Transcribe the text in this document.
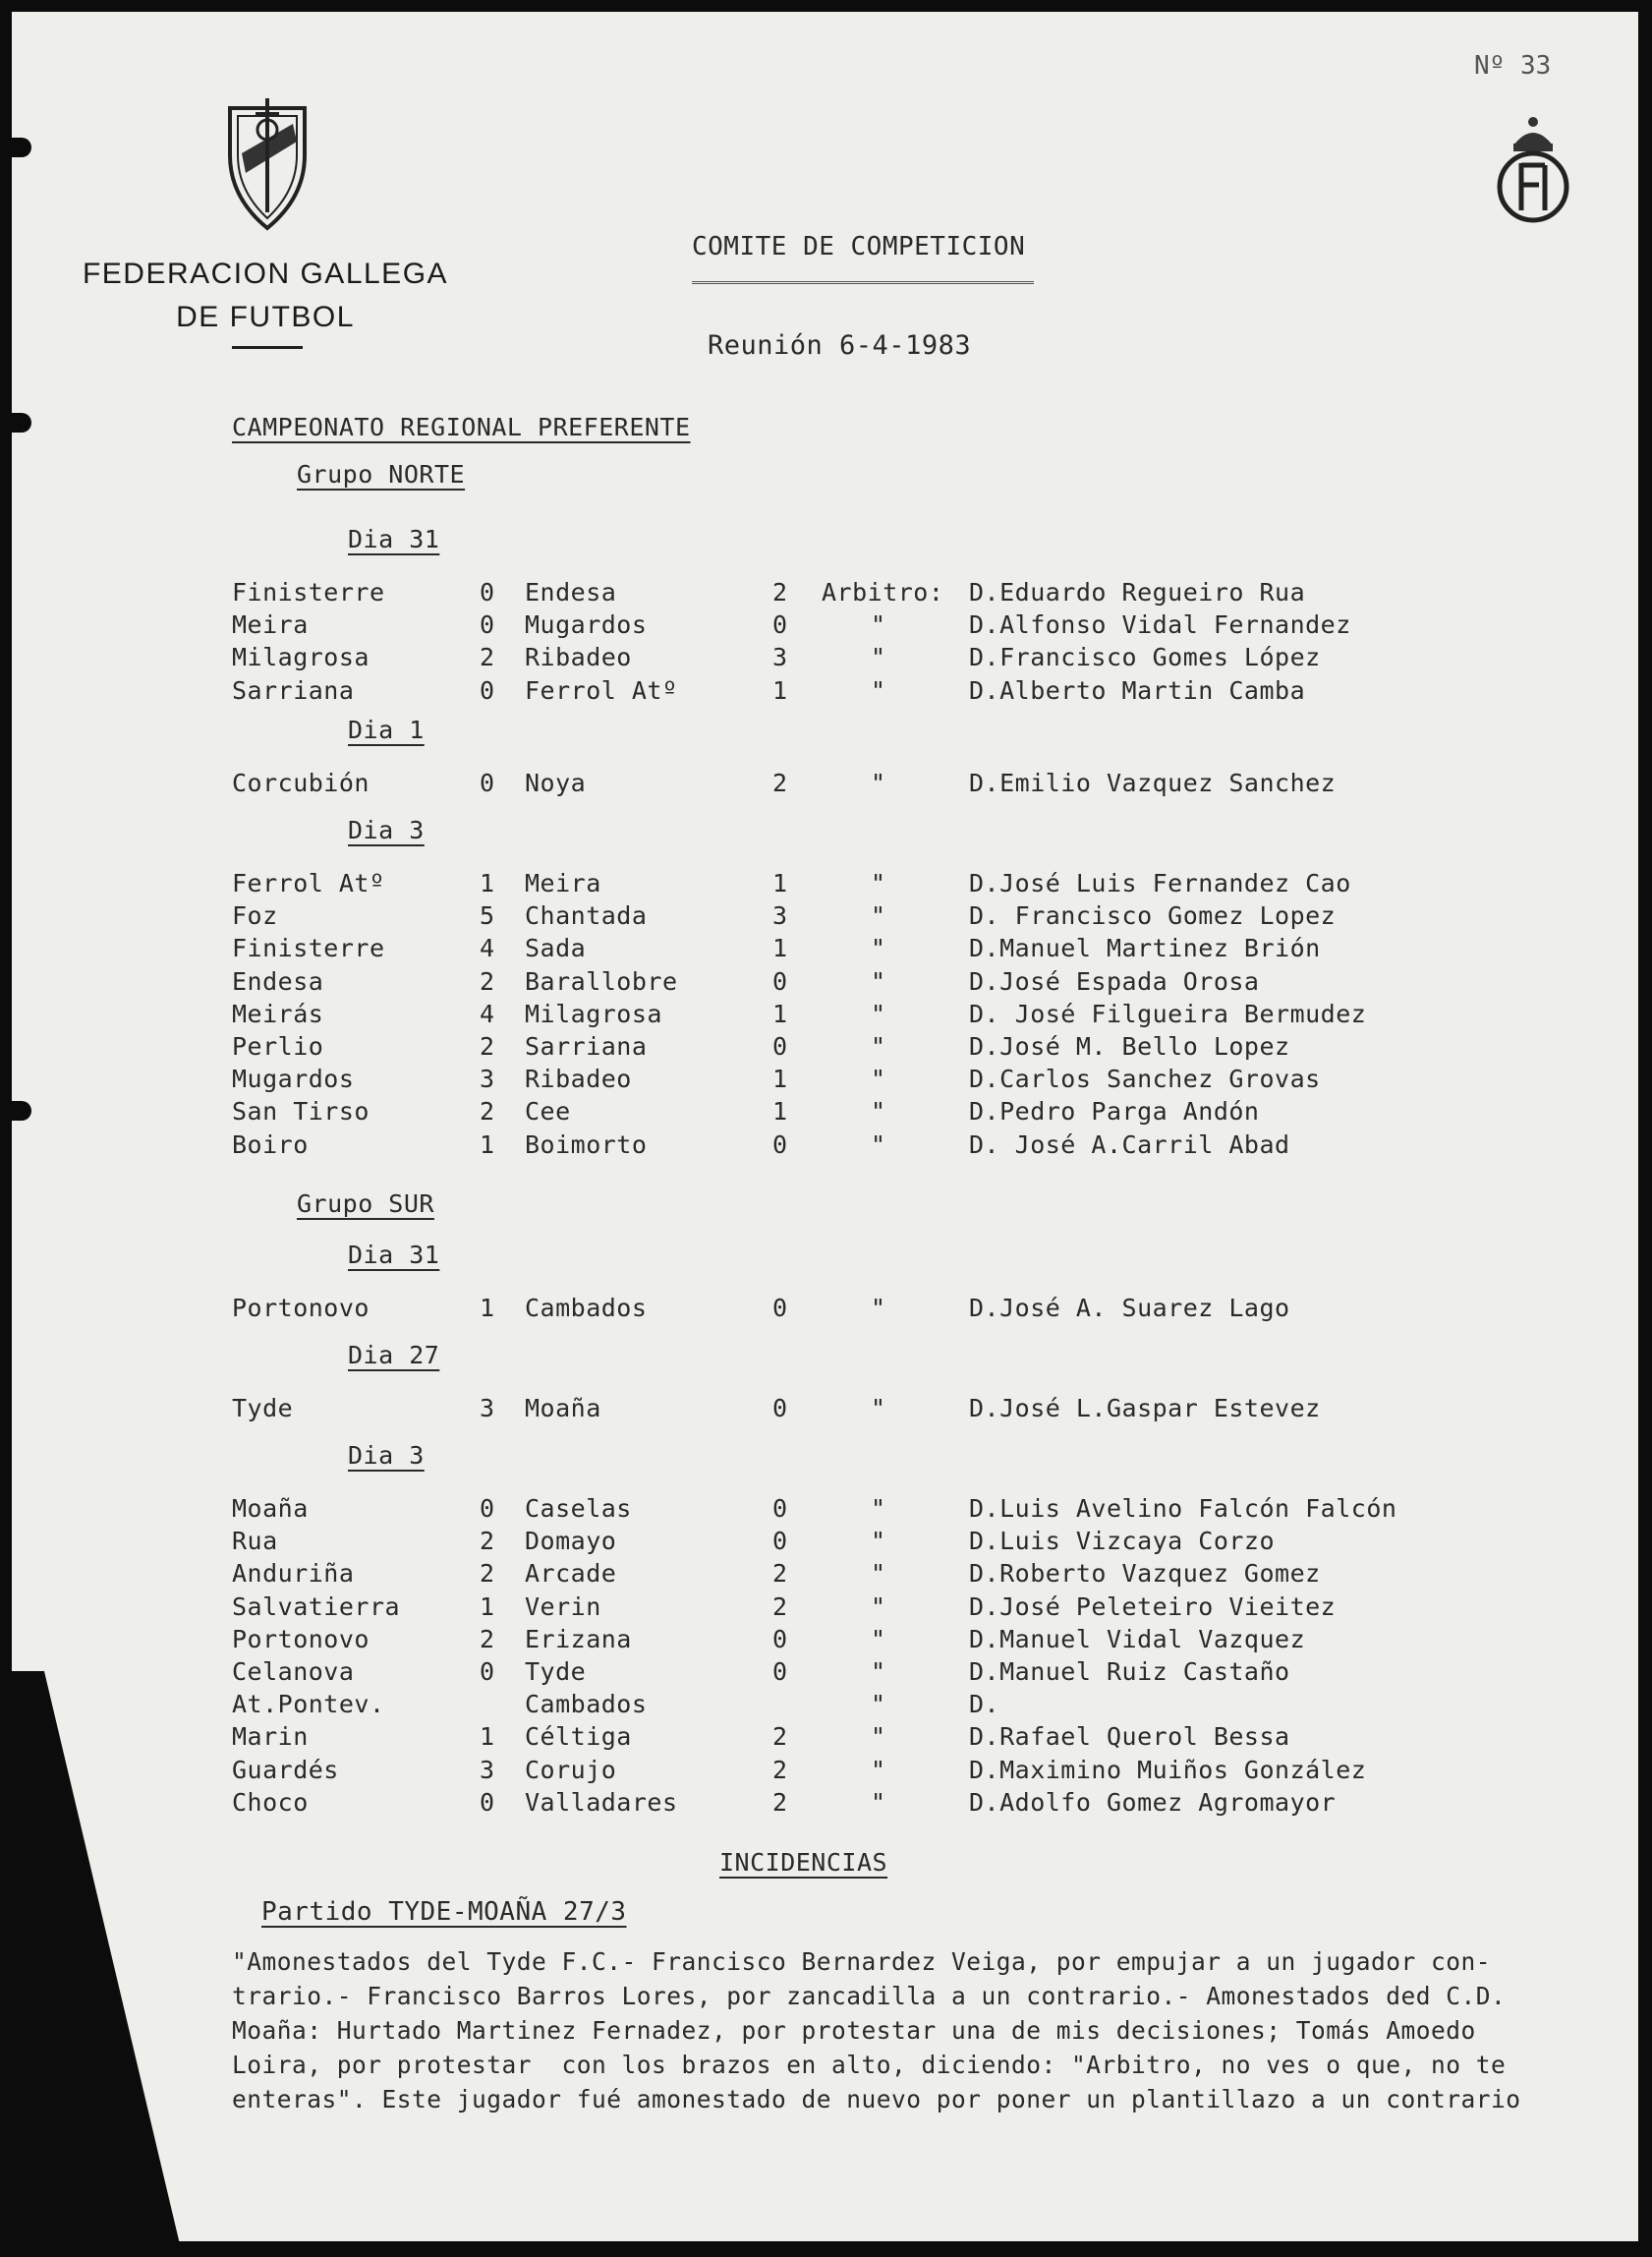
Nº 33
FEDERACION GALLEGA
DE FUTBOL
COMITE DE COMPETICION
Reunión 6-4-1983
CAMPEONATO REGIONAL PREFERENTE
Grupo NORTE
Dia 31
Finisterre	0 Endesa	2 Arbitro: D.Eduardo Regueiro Rua
Meira	0 Mugardos	0	"	D.Alfonso Vidal Fernandez
Milagrosa	2 Ribadeo	3	"	D.Francisco Gomes López
Sarriana	0 Ferrol Atº	1	"	D.Alberto Martin Camba
Dia 1
Corcubión	0 Noya	2	"	D.Emilio Vazquez Sanchez
Dia 3
Ferrol Atº	1 Meira	1	"	D.José Luis Fernandez Cao
Foz	5 Chantada	3	"	D. Francisco Gomez Lopez
Finisterre	4 Sada	1	"	D.Manuel Martinez Brión
Endesa	2 Barallobre	0	"	D.José Espada Orosa
Meirás	4 Milagrosa	1	"	D. José Filgueira Bermudez
Perlio	2 Sarriana	0	"	D.José M. Bello Lopez
Mugardos	3 Ribadeo	1	"	D.Carlos Sanchez Grovas
San Tirso	2 Cee	1	"	D.Pedro Parga Andón
Boiro	1 Boimorto	0	"	D. José A.Carril Abad
Grupo SUR
Dia 31
Portonovo	1 Cambados	0	"	D.José A. Suarez Lago
Dia 27
Tyde	3 Moaña	0	"	D.José L.Gaspar Estevez
Dia 3
Moaña	0 Caselas	0	"	D.Luis Avelino Falcón Falcón
Rua	2 Domayo	0	"	D.Luis Vizcaya Corzo
Anduriña	2 Arcade	2	"	D.Roberto Vazquez Gomez
Salvatierra	1 Verin	2	"	D.José Peleteiro Vieitez
Portonovo	2 Erizana	0	"	D.Manuel Vidal Vazquez
Celanova	0 Tyde	0	"	D.Manuel Ruiz Castaño
At.Pontev.	Cambados	"	D.
Marin	1 Céltiga	2	"	D.Rafael Querol Bessa
Guardés	3 Corujo	2	"	D.Maximino Muiños González
Choco	0 Valladares	2	"	D.Adolfo Gomez Agromayor
INCIDENCIAS
Partido TYDE-MOAÑA 27/3
"Amonestados del Tyde F.C.- Francisco Bernardez Veiga, por empujar a un jugador con-
trario.- Francisco Barros Lores, por zancadilla a un contrario.- Amonestados ded C.D.
Moaña: Hurtado Martinez Fernadez, por protestar una de mis decisiones; Tomás Amoedo
Loira, por protestar  con los brazos en alto, diciendo: "Arbitro, no ves o que, no te
enteras". Este jugador fué amonestado de nuevo por poner un plantillazo a un contrario
